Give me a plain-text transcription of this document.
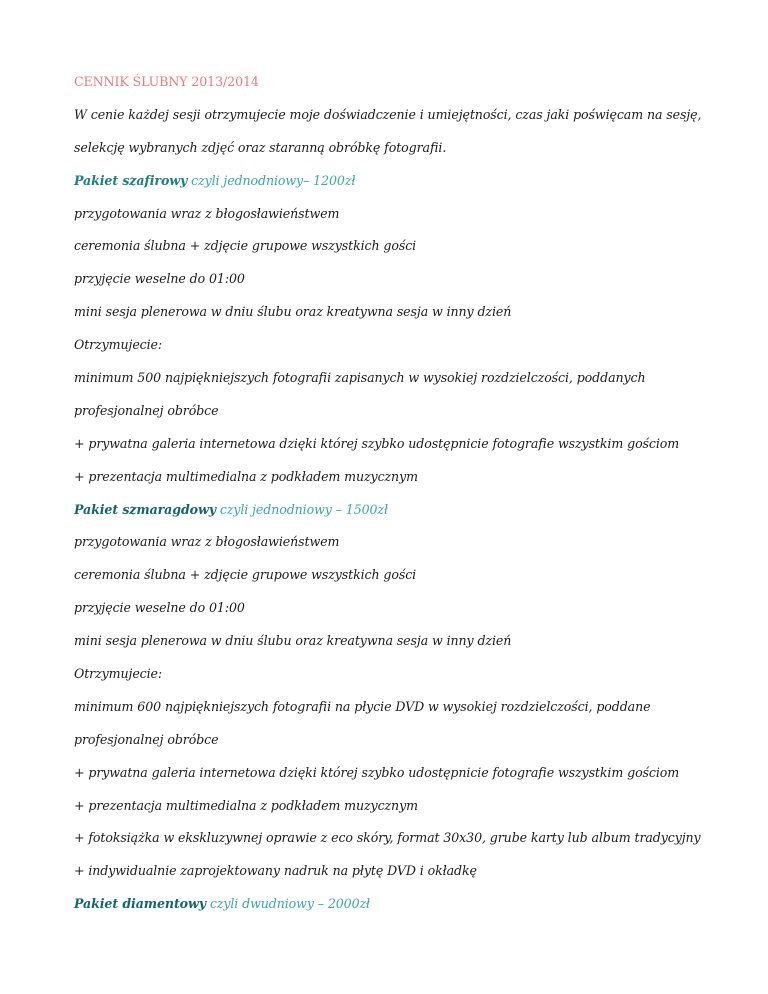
CENNIK ŚLUBNY 2013/2014
W cenie każdej sesji otrzymujecie moje doświadczenie i umiejętności, czas jaki poświęcam na sesję,
selekcję wybranych zdjęć oraz staranną obróbkę fotografii.
Pakiet szafirowy czyli jednodniowy– 1200zł
przygotowania wraz z błogosławieństwem
ceremonia ślubna + zdjęcie grupowe wszystkich gości
przyjęcie weselne do 01:00
mini sesja plenerowa w dniu ślubu oraz kreatywna sesja w inny dzień
Otrzymujecie:
minimum 500 najpiękniejszych fotografii zapisanych w wysokiej rozdzielczości, poddanych
profesjonalnej obróbce
+ prywatna galeria internetowa dzięki której szybko udostępnicie fotografie wszystkim gościom
+ prezentacja multimedialna z podkładem muzycznym
Pakiet szmaragdowy czyli jednodniowy – 1500zł
przygotowania wraz z błogosławieństwem
ceremonia ślubna + zdjęcie grupowe wszystkich gości
przyjęcie weselne do 01:00
mini sesja plenerowa w dniu ślubu oraz kreatywna sesja w inny dzień
Otrzymujecie:
minimum 600 najpiękniejszych fotografii na płycie DVD w wysokiej rozdzielczości, poddane
profesjonalnej obróbce
+ prywatna galeria internetowa dzięki której szybko udostępnicie fotografie wszystkim gościom
+ prezentacja multimedialna z podkładem muzycznym
+ fotoksiążka w ekskluzywnej oprawie z eco skóry, format 30x30, grube karty lub album tradycyjny
+ indywidualnie zaprojektowany nadruk na płytę DVD i okładkę
Pakiet diamentowy czyli dwudniowy – 2000zł
